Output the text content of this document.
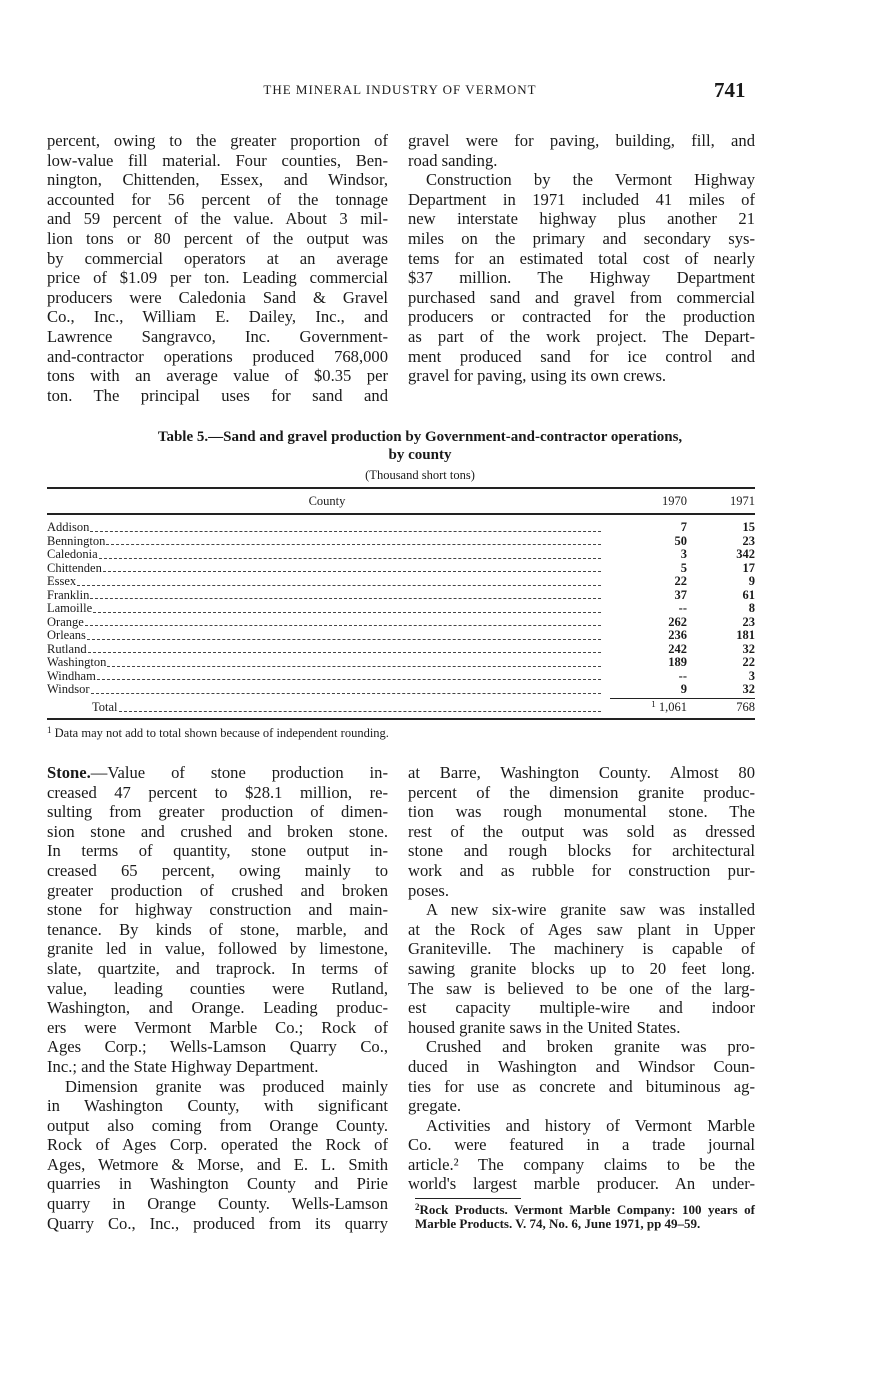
THE MINERAL INDUSTRY OF VERMONT	741
percent, owing to the greater proportion of
low-value fill material. Four counties, Ben-
nington, Chittenden, Essex, and Windsor,
accounted for 56 percent of the tonnage
and 59 percent of the value. About 3 mil-
lion tons or 80 percent of the output was
by commercial operators at an average
price of $1.09 per ton. Leading commercial
producers were Caledonia Sand & Gravel
Co., Inc., William E. Dailey, Inc., and
Lawrence Sangravco, Inc. Government-
and-contractor operations produced 768,000
tons with an average value of $0.35 per
ton. The principal uses for sand and
gravel were for paving, building, fill, and
road sanding.
Construction by the Vermont Highway
Department in 1971 included 41 miles of
new interstate highway plus another 21
miles on the primary and secondary sys-
tems for an estimated total cost of nearly
$37 million. The Highway Department
purchased sand and gravel from commercial
producers or contracted for the production
as part of the work project. The Depart-
ment produced sand for ice control and
gravel for paving, using its own crews.
Table 5.—Sand and gravel production by Government-and-contractor operations,
by county
(Thousand short tons)
County	1970	1971
Addison	7	15
Bennington	50	23
Caledonia	3	342
Chittenden	5	17
Essex	22	9
Franklin	37	61
Lamoille	--	8
Orange	262	23
Orleans	236	181
Rutland	242	32
Washington	189	22
Windham	--	3
Windsor	9	32
Total	$^1$ 1,061	768
$^1$ Data may not add to total shown because of independent rounding.
Stone.—Value of stone production in-
creased 47 percent to $28.1 million, re-
sulting from greater production of dimen-
sion stone and crushed and broken stone.
In terms of quantity, stone output in-
creased 65 percent, owing mainly to
greater production of crushed and broken
stone for highway construction and main-
tenance. By kinds of stone, marble, and
granite led in value, followed by limestone,
slate, quartzite, and traprock. In terms of
value, leading counties were Rutland,
Washington, and Orange. Leading produc-
ers were Vermont Marble Co.; Rock of
Ages Corp.; Wells-Lamson Quarry Co.,
Inc.; and the State Highway Department.
Dimension granite was produced mainly
in Washington County, with significant
output also coming from Orange County.
Rock of Ages Corp. operated the Rock of
Ages, Wetmore & Morse, and E. L. Smith
quarries in Washington County and Pirie
quarry in Orange County. Wells-Lamson
Quarry Co., Inc., produced from its quarry
at Barre, Washington County. Almost 80
percent of the dimension granite produc-
tion was rough monumental stone. The
rest of the output was sold as dressed
stone and rough blocks for architectural
work and as rubble for construction pur-
poses.
A new six-wire granite saw was installed
at the Rock of Ages saw plant in Upper
Graniteville. The machinery is capable of
sawing granite blocks up to 20 feet long.
The saw is believed to be one of the larg-
est capacity multiple-wire and indoor
housed granite saws in the United States.
Crushed and broken granite was pro-
duced in Washington and Windsor Coun-
ties for use as concrete and bituminous ag-
gregate.
Activities and history of Vermont Marble
Co. were featured in a trade journal
article.² The company claims to be the
world's largest marble producer. An under-
$^2$Rock Products. Vermont Marble Company: 100 years of Marble Products. V. 74, No. 6, June 1971, pp 49–59.
